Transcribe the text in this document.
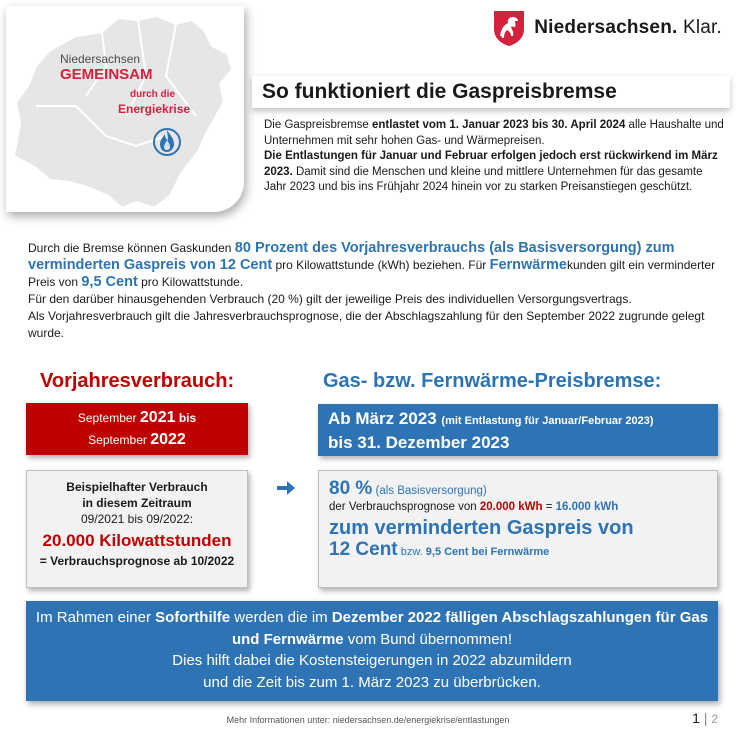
Niedersachsen. Klar.
Niedersachsen
GEMEINSAM
durch die
Energiekrise
So funktioniert die Gaspreisbremse
Die Gaspreisbremse entlastet vom 1. Januar 2023 bis 30. April 2024 alle Haushalte und Unternehmen mit sehr hohen Gas- und Wärmepreisen.
Die Entlastungen für Januar und Februar erfolgen jedoch erst rückwirkend im März 2023. Damit sind die Menschen und kleine und mittlere Unternehmen für das gesamte Jahr 2023 und bis ins Frühjahr 2024 hinein vor zu starken Preisanstiegen geschützt.
Durch die Bremse können Gaskunden 80 Prozent des Vorjahresverbrauchs (als Basisversorgung) zum verminderten Gaspreis von 12 Cent pro Kilowattstunde (kWh) beziehen. Für Fernwärmekunden gilt ein verminderter Preis von 9,5 Cent pro Kilowattstunde.
Für den darüber hinausgehenden Verbrauch (20 %) gilt der jeweilige Preis des individuellen Versorgungsvertrags.
Als Vorjahresverbrauch gilt die Jahresverbrauchsprognose, die der Abschlagszahlung für den September 2022 zugrunde gelegt wurde.
Vorjahresverbrauch:	Gas- bzw. Fernwärme-Preisbremse:
September 2021 bis
September 2022
Ab März 2023 (mit Entlastung für Januar/Februar 2023)
bis 31. Dezember 2023
Beispielhafter Verbrauch
in diesem Zeitraum
09/2021 bis 09/2022:
20.000 Kilowattstunden
= Verbrauchsprognose ab 10/2022
80 % (als Basisversorgung)
der Verbrauchsprognose von 20.000 kWh = 16.000 kWh
zum verminderten Gaspreis von
12 Cent bzw. 9,5 Cent bei Fernwärme
Im Rahmen einer Soforthilfe werden die im Dezember 2022 fälligen Abschlagszahlungen für Gas und Fernwärme vom Bund übernommen!
Dies hilft dabei die Kostensteigerungen in 2022 abzumildern
und die Zeit bis zum 1. März 2023 zu überbrücken.
Mehr Informationen unter: niedersachsen.de/energiekrise/entlastungen	1 | 2
